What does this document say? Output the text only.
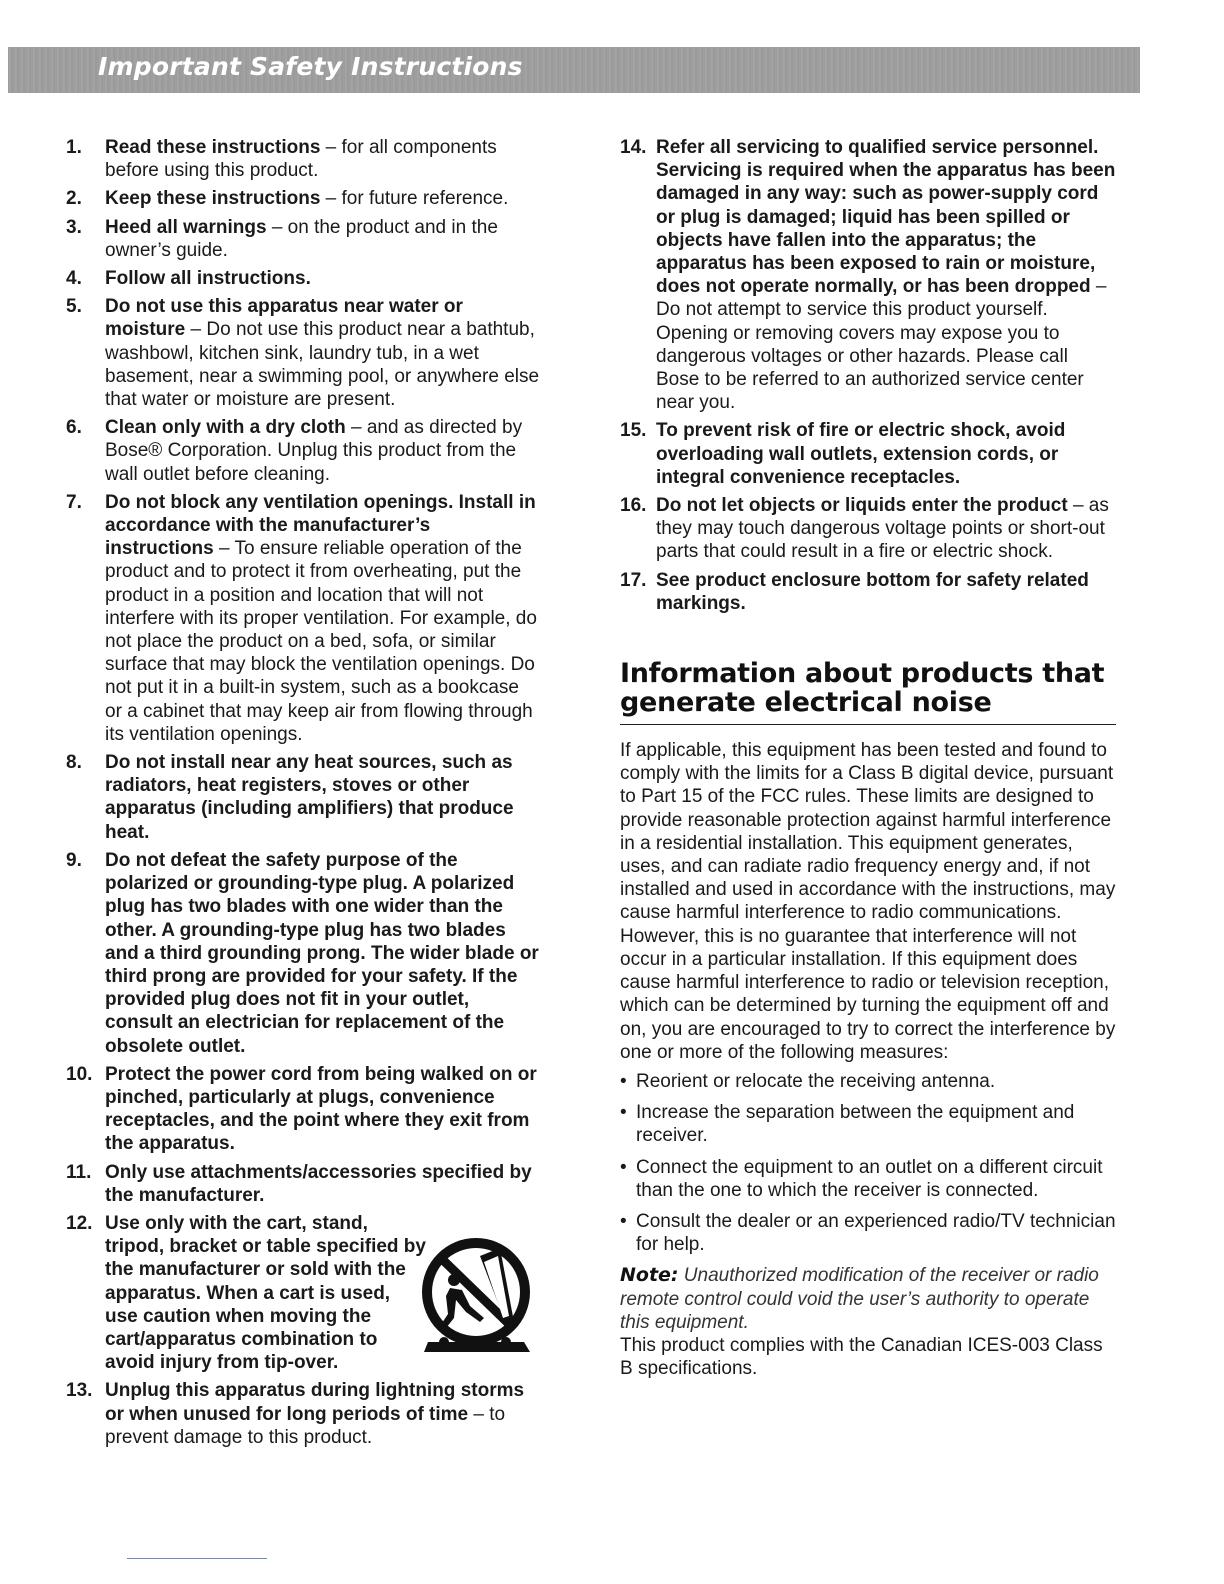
Important Safety Instructions
1. Read these instructions – for all components before using this product.
2. Keep these instructions – for future reference.
3. Heed all warnings – on the product and in the owner’s guide.
4. Follow all instructions.
5. Do not use this apparatus near water or moisture – Do not use this product near a bathtub, washbowl, kitchen sink, laundry tub, in a wet basement, near a swimming pool, or anywhere else that water or moisture are present.
6. Clean only with a dry cloth – and as directed by Bose® Corporation. Unplug this product from the wall outlet before cleaning.
7. Do not block any ventilation openings. Install in accordance with the manufacturer’s instructions – To ensure reliable operation of the product and to protect it from overheating, put the product in a position and location that will not interfere with its proper ventilation. For example, do not place the product on a bed, sofa, or similar surface that may block the ventilation openings. Do not put it in a built-in system, such as a bookcase or a cabinet that may keep air from flowing through its ventilation openings.
8. Do not install near any heat sources, such as radiators, heat registers, stoves or other apparatus (including amplifiers) that produce heat.
9. Do not defeat the safety purpose of the polarized or grounding-type plug. A polarized plug has two blades with one wider than the other. A grounding-type plug has two blades and a third grounding prong. The wider blade or third prong are provided for your safety. If the provided plug does not fit in your outlet, consult an electrician for replacement of the obsolete outlet.
10. Protect the power cord from being walked on or pinched, particularly at plugs, convenience receptacles, and the point where they exit from the apparatus.
11. Only use attachments/accessories specified by the manufacturer.
12. Use only with the cart, stand, tripod, bracket or table specified by the manufacturer or sold with the apparatus. When a cart is used, use caution when moving the cart/apparatus combination to avoid injury from tip-over.
13. Unplug this apparatus during lightning storms or when unused for long periods of time – to prevent damage to this product.
14. Refer all servicing to qualified service personnel. Servicing is required when the apparatus has been damaged in any way: such as power-supply cord or plug is damaged; liquid has been spilled or objects have fallen into the apparatus; the apparatus has been exposed to rain or moisture, does not operate normally, or has been dropped – Do not attempt to service this product yourself. Opening or removing covers may expose you to dangerous voltages or other hazards. Please call Bose to be referred to an authorized service center near you.
15. To prevent risk of fire or electric shock, avoid overloading wall outlets, extension cords, or integral convenience receptacles.
16. Do not let objects or liquids enter the product – as they may touch dangerous voltage points or short-out parts that could result in a fire or electric shock.
17. See product enclosure bottom for safety related markings.
Information about products that generate electrical noise

If applicable, this equipment has been tested and found to comply with the limits for a Class B digital device, pursuant to Part 15 of the FCC rules. These limits are designed to provide reasonable protection against harmful interference in a residential installation. This equipment generates, uses, and can radiate radio frequency energy and, if not installed and used in accordance with the instructions, may cause harmful interference to radio communications. However, this is no guarantee that interference will not occur in a particular installation. If this equipment does cause harmful interference to radio or television reception, which can be determined by turning the equipment off and on, you are encouraged to try to correct the interference by one or more of the following measures:

• Reorient or relocate the receiving antenna.
• Increase the separation between the equipment and receiver.
• Connect the equipment to an outlet on a different circuit than the one to which the receiver is connected.
• Consult the dealer or an experienced radio/TV technician for help.
Note: Unauthorized modification of the receiver or radio remote control could void the user’s authority to operate this equipment.
This product complies with the Canadian ICES-003 Class B specifications.
